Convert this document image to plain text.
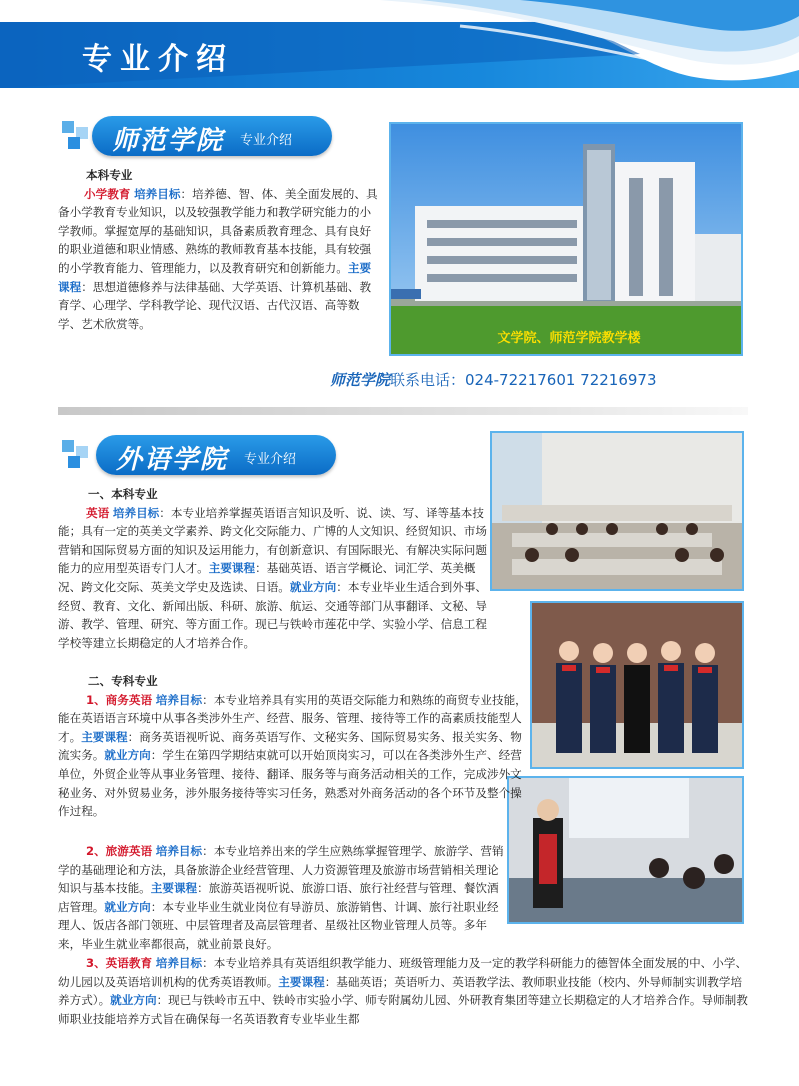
专业介绍
师范学院 专业介绍

本科专业

小学教育 培养目标：培养德、智、体、美全面发展的、具备小学教育专业知识，以及较强教学能力和教学研究能力的小学教师。掌握宽厚的基础知识，具备素质教育理念、具有良好的职业道德和职业情感、熟练的教师教育基本技能，具有较强的小学教育能力、管理能力，以及教育研究和创新能力。主要课程：思想道德修养与法律基础、大学英语、计算机基础、教育学、心理学、学科教学论、现代汉语、古代汉语、高等数学、艺术欣赏等。

文学院、师范学院教学楼
师范学院联系电话：024-72217601 72216973
外语学院 专业介绍

一、本科专业

英语 培养目标：本专业培养掌握英语语言知识及听、说、读、写、译等基本技能；具有一定的英美文学素养、跨文化交际能力、广博的人文知识、经贸知识、市场营销和国际贸易方面的知识及运用能力，有创新意识、有国际眼光、有解决实际问题能力的应用型英语专门人才。主要课程：基础英语、语言学概论、词汇学、英美概况、跨文化交际、英美文学史及选读、日语。就业方向：本专业毕业生适合到外事、经贸、教育、文化、新闻出版、科研、旅游、航运、交通等部门从事翻译、文秘、导游、教学、管理、研究、等方面工作。现已与铁岭市莲花中学、实验小学、信息工程学校等建立长期稳定的人才培养合作。

二、专科专业

1、商务英语 培养目标：本专业培养具有实用的英语交际能力和熟练的商贸专业技能，能在英语语言环境中从事各类涉外生产、经营、服务、管理、接待等工作的高素质技能型人才。主要课程：商务英语视听说、商务英语写作、文秘实务、国际贸易实务、报关实务、物流实务。就业方向：学生在第四学期结束就可以开始顶岗实习，可以在各类涉外生产、经营单位，外贸企业等从事业务管理、接待、翻译、服务等与商务活动相关的工作，完成涉外文秘业务、对外贸易业务，涉外服务接待等实习任务，熟悉对外商务活动的各个环节及整个操作过程。

2、旅游英语 培养目标：本专业培养出来的学生应熟练掌握管理学、旅游学、营销学的基础理论和方法，具备旅游企业经营管理、人力资源管理及旅游市场营销相关理论知识与基本技能。主要课程：旅游英语视听说、旅游口语、旅行社经营与管理、餐饮酒店管理。就业方向：本专业毕业生就业岗位有导游员、旅游销售、计调、旅行社职业经理人、饭店各部门领班、中层管理者及高层管理者、星级社区物业管理人员等。多年来，毕业生就业率都很高，就业前景良好。

3、英语教育 培养目标：本专业培养具有英语组织教学能力、班级管理能力及一定的教学科研能力的德智体全面发展的中、小学、幼儿园以及英语培训机构的优秀英语教师。主要课程：基础英语；英语听力、英语教学法、教师职业技能（校内、外导师制实训教学培养方式）。就业方向：现已与铁岭市五中、铁岭市实验小学、师专附属幼儿园、外研教育集团等建立长期稳定的人才培养合作。导师制教师职业技能培养方式旨在确保每一名英语教育专业毕业生都
